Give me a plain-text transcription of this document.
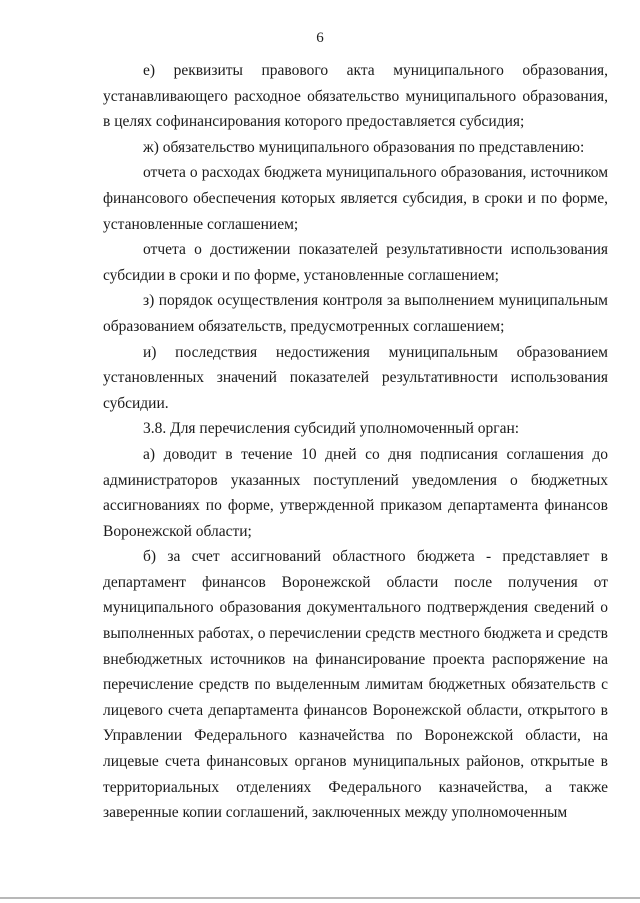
6

е) реквизиты правового акта муниципального образования, устанавливающего расходное обязательство муниципального образования, в целях софинансирования которого предоставляется субсидия;

ж) обязательство муниципального образования по представлению:

отчета о расходах бюджета муниципального образования, источником финансового обеспечения которых является субсидия, в сроки и по форме, установленные соглашением;

отчета о достижении показателей результативности использования субсидии в сроки и по форме, установленные соглашением;

з) порядок осуществления контроля за выполнением муниципальным образованием обязательств, предусмотренных соглашением;

и) последствия недостижения муниципальным образованием установленных значений показателей результативности использования субсидии.

3.8. Для перечисления субсидий уполномоченный орган:

а) доводит в течение 10 дней со дня подписания соглашения до администраторов указанных поступлений уведомления о бюджетных ассигнованиях по форме, утвержденной приказом департамента финансов Воронежской области;

б) за счет ассигнований областного бюджета - представляет в департамент финансов Воронежской области после получения от муниципального образования документального подтверждения сведений о выполненных работах, о перечислении средств местного бюджета и средств внебюджетных источников на финансирование проекта распоряжение на перечисление средств по выделенным лимитам бюджетных обязательств с лицевого счета департамента финансов Воронежской области, открытого в Управлении Федерального казначейства по Воронежской области, на лицевые счета финансовых органов муниципальных районов, открытые в территориальных отделениях Федерального казначейства, а также заверенные копии соглашений, заключенных между уполномоченным
